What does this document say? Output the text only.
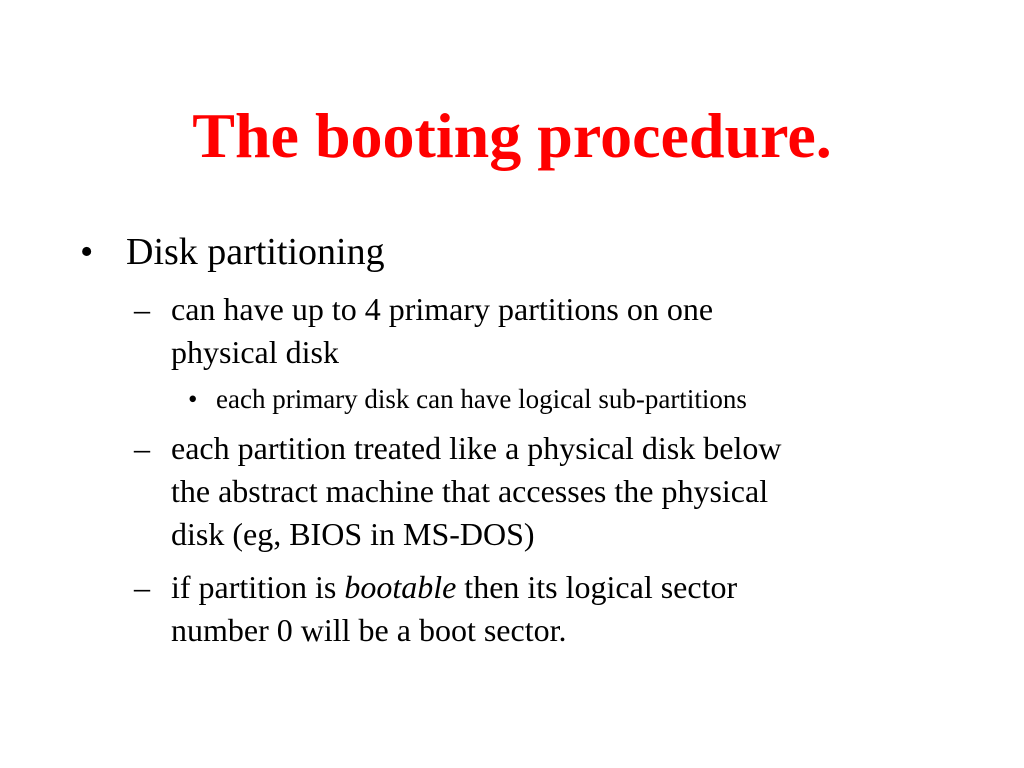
The booting procedure.
• Disk partitioning
– can have up to 4 primary partitions on one
physical disk
• each primary disk can have logical sub-partitions
– each partition treated like a physical disk below
the abstract machine that accesses the physical
disk (eg, BIOS in MS-DOS)
– if partition is bootable then its logical sector
number 0 will be a boot sector.
